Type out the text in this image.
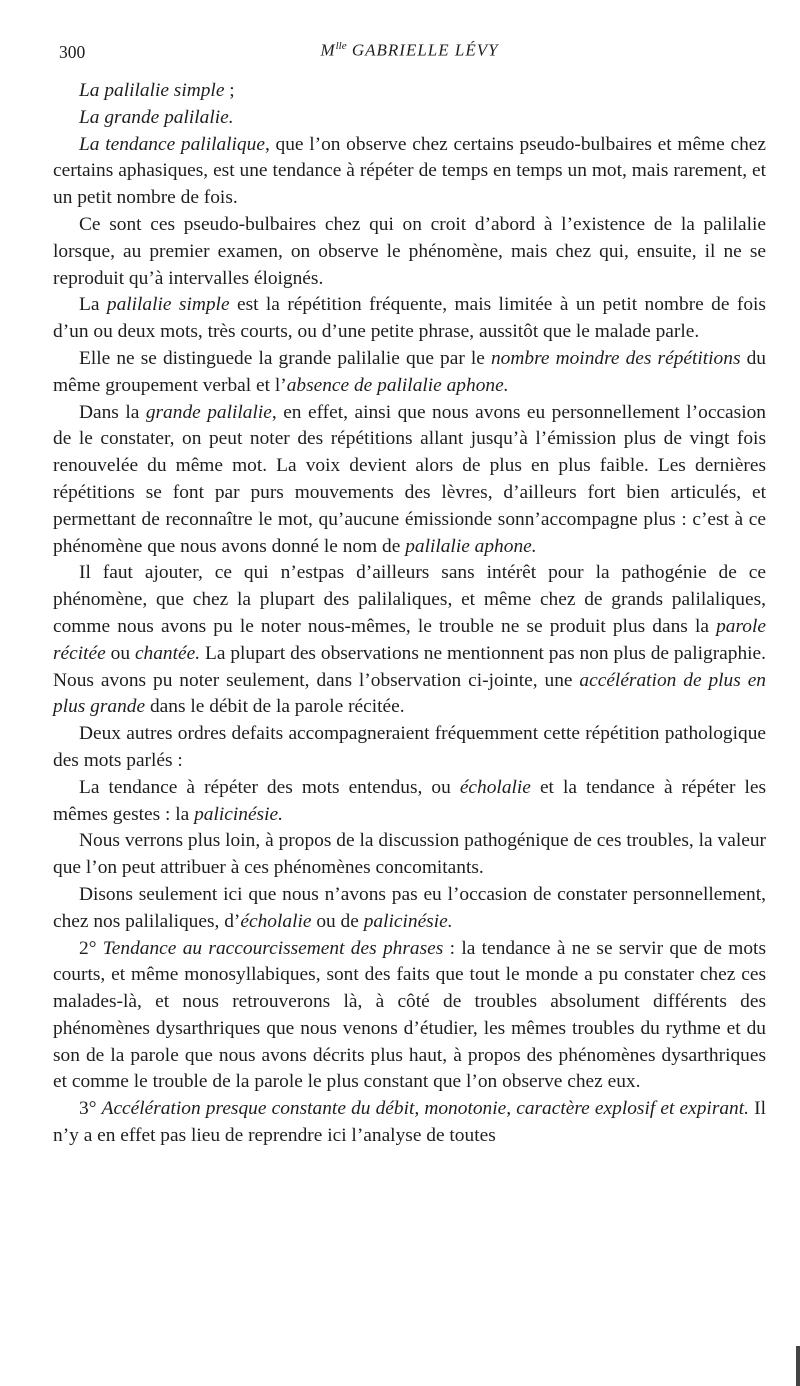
300	$M^{lle}$ GABRIELLE LÉVY

La palilalie simple ;

La grande palilalie.

La tendance palilalique, que l’on observe chez certains pseudo-bulbaires et même chez certains aphasiques, est une tendance à répéter de temps en temps un mot, mais rarement, et un petit nombre de fois.

Ce sont ces pseudo-bulbaires chez qui on croit d’abord à l’existence de la palilalie lorsque, au premier examen, on observe le phénomène, mais chez qui, ensuite, il ne se reproduit qu’à intervalles éloignés.

La palilalie simple est la répétition fréquente, mais limitée à un petit nombre de fois d’un ou deux mots, très courts, ou d’une petite phrase, aussitôt que le malade parle.

Elle ne se distinguede la grande palilalie que par le nombre moindre des répétitions du même groupement verbal et l’absence de palilalie aphone.

Dans la grande palilalie, en effet, ainsi que nous avons eu personnellement l’occasion de le constater, on peut noter des répétitions allant jusqu’à l’émission plus de vingt fois renouvelée du même mot. La voix devient alors de plus en plus faible. Les dernières répétitions se font par purs mouvements des lèvres, d’ailleurs fort bien articulés, et permettant de reconnaître le mot, qu’aucune émissionde sonn’accompagne plus : c’est à ce phénomène que nous avons donné le nom de palilalie aphone.

Il faut ajouter, ce qui n’estpas d’ailleurs sans intérêt pour la pathogénie de ce phénomène, que chez la plupart des palilaliques, et même chez de grands palilaliques, comme nous avons pu le noter nous-mêmes, le trouble ne se produit plus dans la parole récitée ou chantée. La plupart des observations ne mentionnent pas non plus de paligraphie. Nous avons pu noter seulement, dans l’observation ci-jointe, une accélération de plus en plus grande dans le débit de la parole récitée.

Deux autres ordres defaits accompagneraient fréquemment cette répétition pathologique des mots parlés :

La tendance à répéter des mots entendus, ou écholalie et la tendance à répéter les mêmes gestes : la palicinésie.

Nous verrons plus loin, à propos de la discussion pathogénique de ces troubles, la valeur que l’on peut attribuer à ces phénomènes concomitants.

Disons seulement ici que nous n’avons pas eu l’occasion de constater personnellement, chez nos palilaliques, d’écholalie ou de palicinésie.

2° Tendance au raccourcissement des phrases : la tendance à ne se servir que de mots courts, et même monosyllabiques, sont des faits que tout le monde a pu constater chez ces malades-là, et nous retrouverons là, à côté de troubles absolument différents des phénomènes dysarthriques que nous venons d’étudier, les mêmes troubles du rythme et du son de la parole que nous avons décrits plus haut, à propos des phénomènes dysarthriques et comme le trouble de la parole le plus constant que l’on observe chez eux.

3° Accélération presque constante du débit, monotonie, caractère explosif et expirant. Il n’y a en effet pas lieu de reprendre ici l’analyse de toutes
